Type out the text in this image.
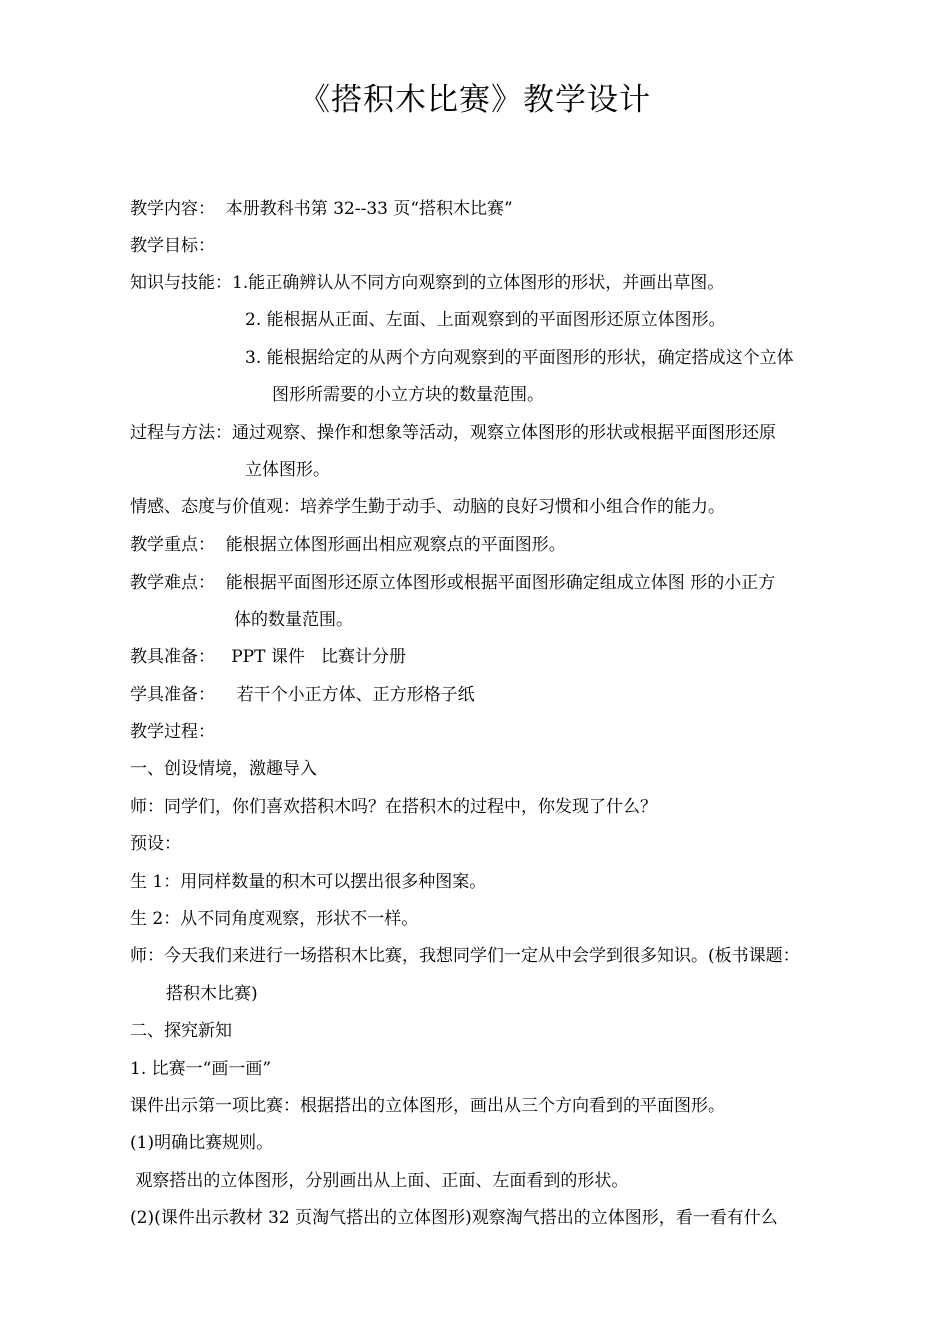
《搭积木比赛》教学设计
教学内容：  本册教科书第 32--33 页“搭积木比赛”
教学目标：
知识与技能：1.能正确辨认从不同方向观察到的立体图形的形状，并画出草图。
2. 能根据从正面、左面、上面观察到的平面图形还原立体图形。
3. 能根据给定的从两个方向观察到的平面图形的形状，确定搭成这个立体
图形所需要的小立方块的数量范围。
过程与方法：通过观察、操作和想象等活动，观察立体图形的形状或根据平面图形还原
立体图形。
情感、态度与价值观：培养学生勤于动手、动脑的良好习惯和小组合作的能力。
教学重点：  能根据立体图形画出相应观察点的平面图形。
教学难点：  能根据平面图形还原立体图形或根据平面图形确定组成立体图 形的小正方
体的数量范围。
教具准备：   PPT 课件   比赛计分册
学具准备：    若干个小正方体、正方形格子纸
教学过程：
一、创设情境，激趣导入
师：同学们，你们喜欢搭积木吗？在搭积木的过程中，你发现了什么？
预设：
生 1：用同样数量的积木可以摆出很多种图案。
生 2：从不同角度观察，形状不一样。
师：今天我们来进行一场搭积木比赛，我想同学们一定从中会学到很多知识。(板书课题：
搭积木比赛)
二、探究新知
1. 比赛一“画一画”
课件出示第一项比赛：根据搭出的立体图形，画出从三个方向看到的平面图形。
(1)明确比赛规则。
观察搭出的立体图形，分别画出从上面、正面、左面看到的形状。
(2)(课件出示教材 32 页淘气搭出的立体图形)观察淘气搭出的立体图形，看一看有什么
